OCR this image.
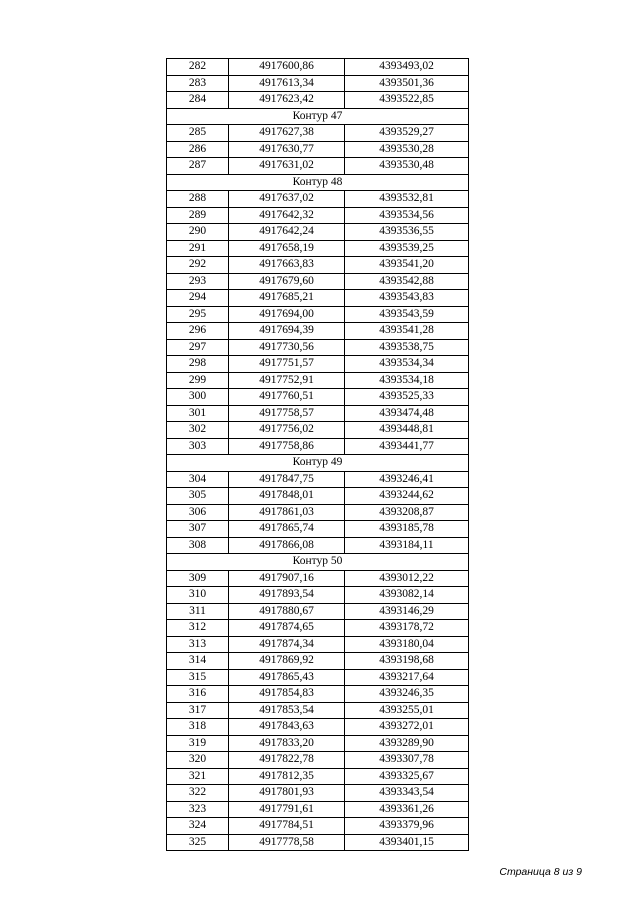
282	4917600,86	4393493,02
283	4917613,34	4393501,36
284	4917623,42	4393522,85
Контур 47		
285	4917627,38	4393529,27
286	4917630,77	4393530,28
287	4917631,02	4393530,48
Контур 48		
288	4917637,02	4393532,81
289	4917642,32	4393534,56
290	4917642,24	4393536,55
291	4917658,19	4393539,25
292	4917663,83	4393541,20
293	4917679,60	4393542,88
294	4917685,21	4393543,83
295	4917694,00	4393543,59
296	4917694,39	4393541,28
297	4917730,56	4393538,75
298	4917751,57	4393534,34
299	4917752,91	4393534,18
300	4917760,51	4393525,33
301	4917758,57	4393474,48
302	4917756,02	4393448,81
303	4917758,86	4393441,77
Контур 49		
304	4917847,75	4393246,41
305	4917848,01	4393244,62
306	4917861,03	4393208,87
307	4917865,74	4393185,78
308	4917866,08	4393184,11
Контур 50		
309	4917907,16	4393012,22
310	4917893,54	4393082,14
311	4917880,67	4393146,29
312	4917874,65	4393178,72
313	4917874,34	4393180,04
314	4917869,92	4393198,68
315	4917865,43	4393217,64
316	4917854,83	4393246,35
317	4917853,54	4393255,01
318	4917843,63	4393272,01
319	4917833,20	4393289,90
320	4917822,78	4393307,78
321	4917812,35	4393325,67
322	4917801,93	4393343,54
323	4917791,61	4393361,26
324	4917784,51	4393379,96
325	4917778,58	4393401,15
Страница 8 из 9
